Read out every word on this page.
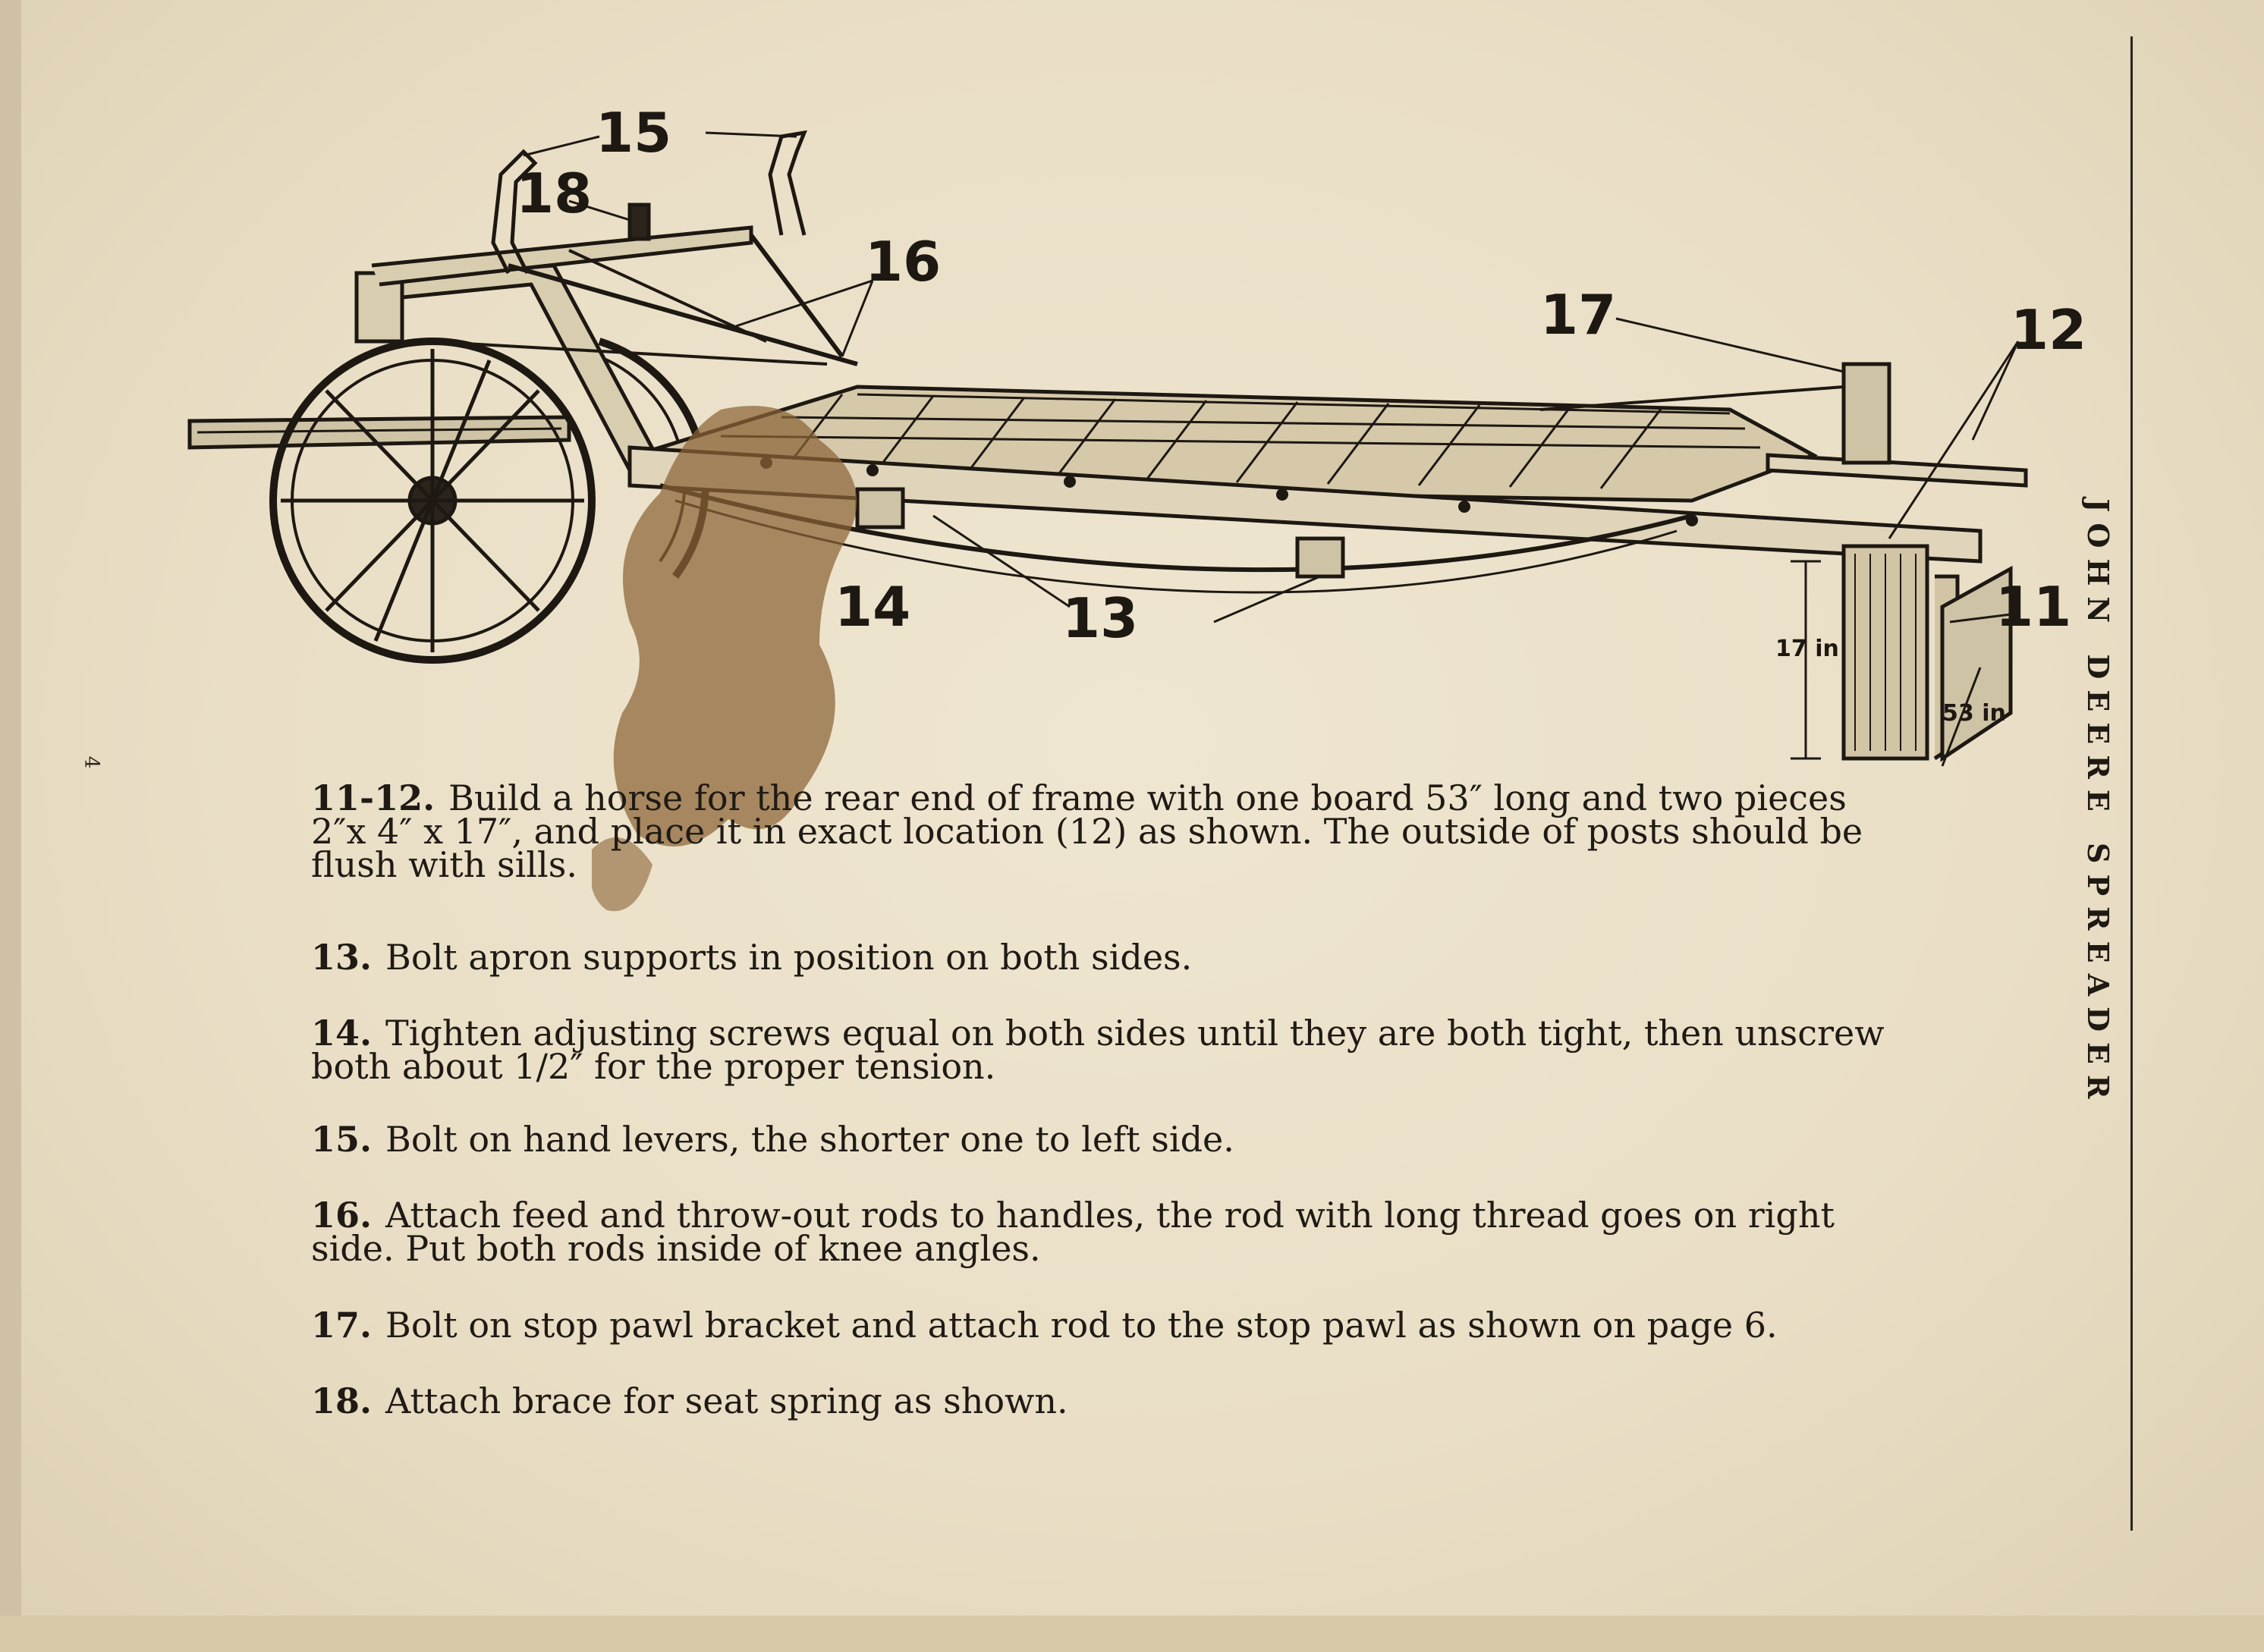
JOHN DEERE SPREADER
4
15
18
16
17	12
14	13	11
17 in
53 in
11-12. Build a horse for the rear end of frame with one board 53″ long and two pieces 2″x 4″ x 17″, and place it in exact location (12) as shown. The outside of posts should be flush with sills.
13. Bolt apron supports in position on both sides.
14. Tighten adjusting screws equal on both sides until they are both tight, then unscrew both about 1/2″ for the proper tension.
15. Bolt on hand levers, the shorter one to left side.
16. Attach feed and throw-out rods to handles, the rod with long thread goes on right side. Put both rods inside of knee angles.
17. Bolt on stop pawl bracket and attach rod to the stop pawl as shown on page 6.
18. Attach brace for seat spring as shown.
